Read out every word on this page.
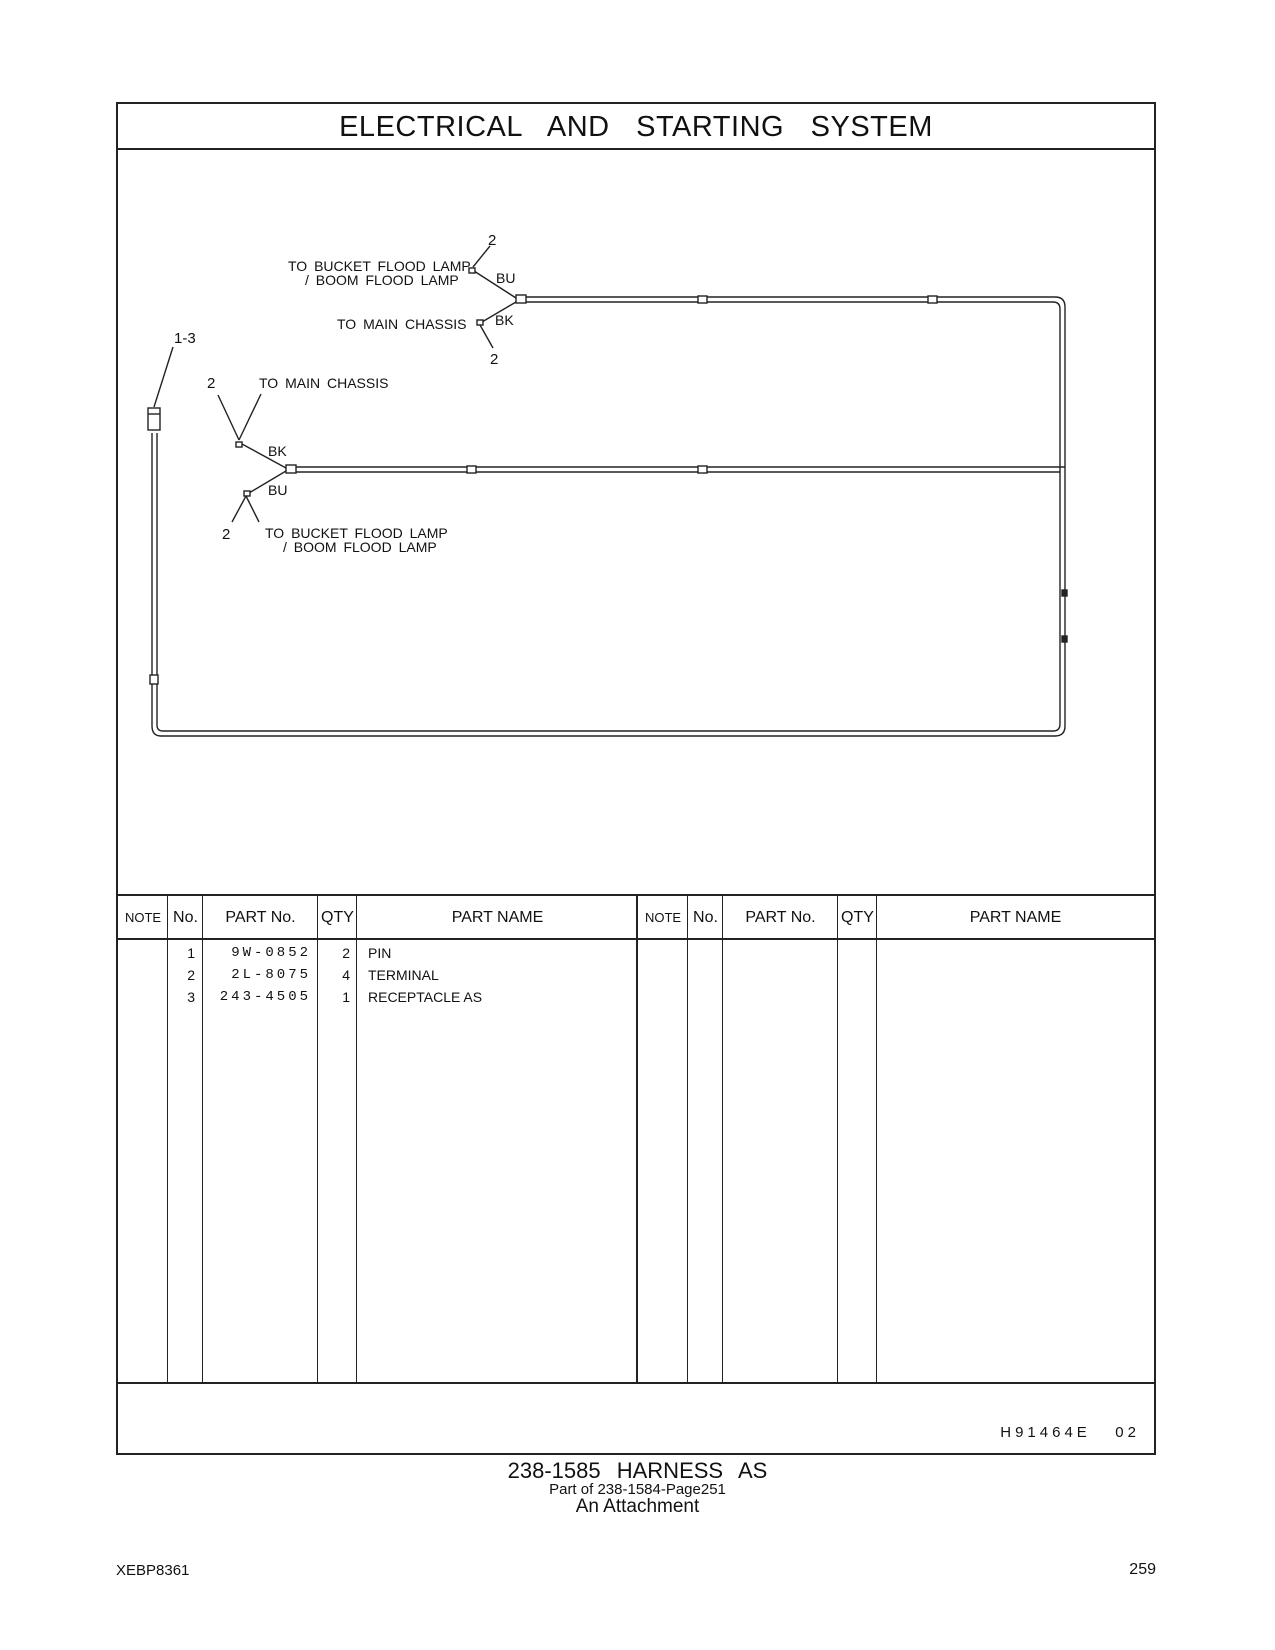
ELECTRICAL AND STARTING SYSTEM
1-3
2
TO BUCKET FLOOD LAMP
/ BOOM FLOOD LAMP	BU
TO MAIN CHASSIS BK
2
2	TO MAIN CHASSIS
BK
BU
2 TO BUCKET FLOOD LAMP
/ BOOM FLOOD LAMP
NOTE No.	PART No.	QTY	PART NAME	NOTE No.	PART No.	QTY	PART NAME
1	9W-0852	2 PIN
2	2L-8075	4 TERMINAL
3	243-4505	1 RECEPTACLE AS
H91464E   02
238-1585 HARNESS AS
Part of 238-1584-Page251
An Attachment
XEBP8361	259
